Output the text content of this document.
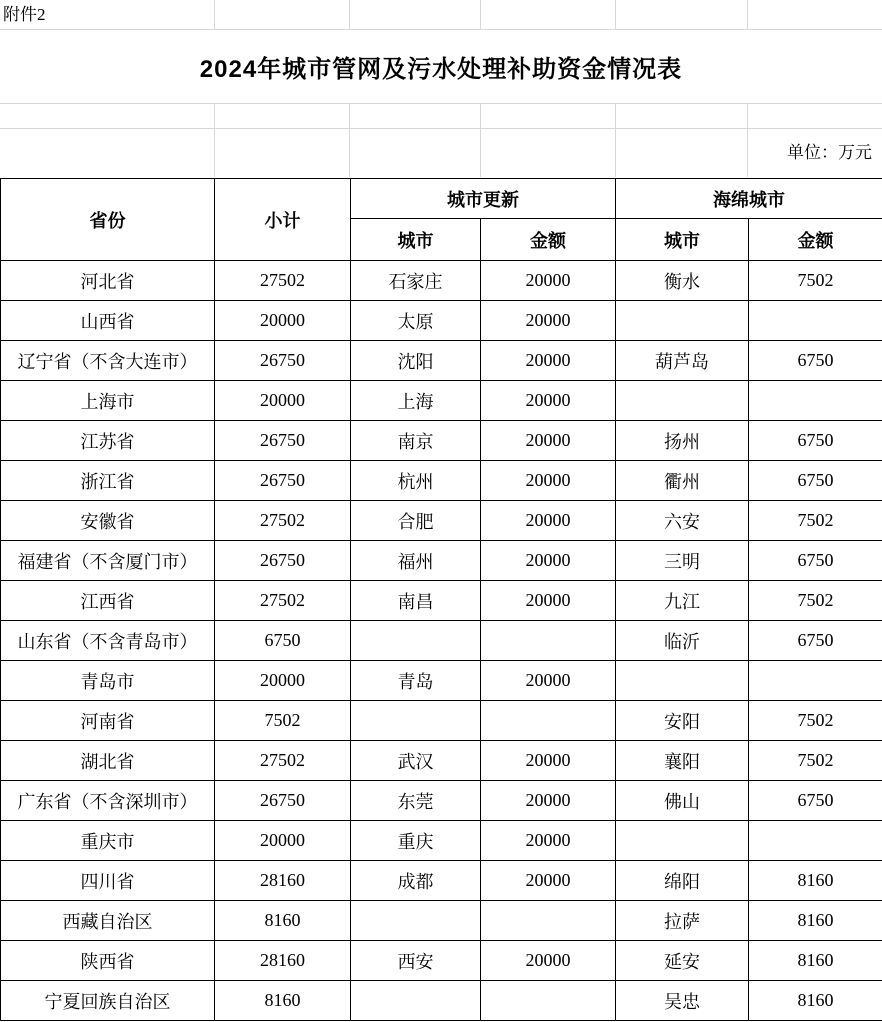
附件2
2024年城市管网及污水处理补助资金情况表
单位：万元
省份	小计	城市更新		海绵城市	
		城市	金额	城市	金额
河北省	27502	石家庄	20000	衡水	7502
山西省	20000	太原	20000		
辽宁省（不含大连市）	26750	沈阳	20000	葫芦岛	6750
上海市	20000	上海	20000		
江苏省	26750	南京	20000	扬州	6750
浙江省	26750	杭州	20000	衢州	6750
安徽省	27502	合肥	20000	六安	7502
福建省（不含厦门市）	26750	福州	20000	三明	6750
江西省	27502	南昌	20000	九江	7502
山东省（不含青岛市）	6750			临沂	6750
青岛市	20000	青岛	20000		
河南省	7502			安阳	7502
湖北省	27502	武汉	20000	襄阳	7502
广东省（不含深圳市）	26750	东莞	20000	佛山	6750
重庆市	20000	重庆	20000		
四川省	28160	成都	20000	绵阳	8160
西藏自治区	8160			拉萨	8160
陕西省	28160	西安	20000	延安	8160
宁夏回族自治区	8160			吴忠	8160
